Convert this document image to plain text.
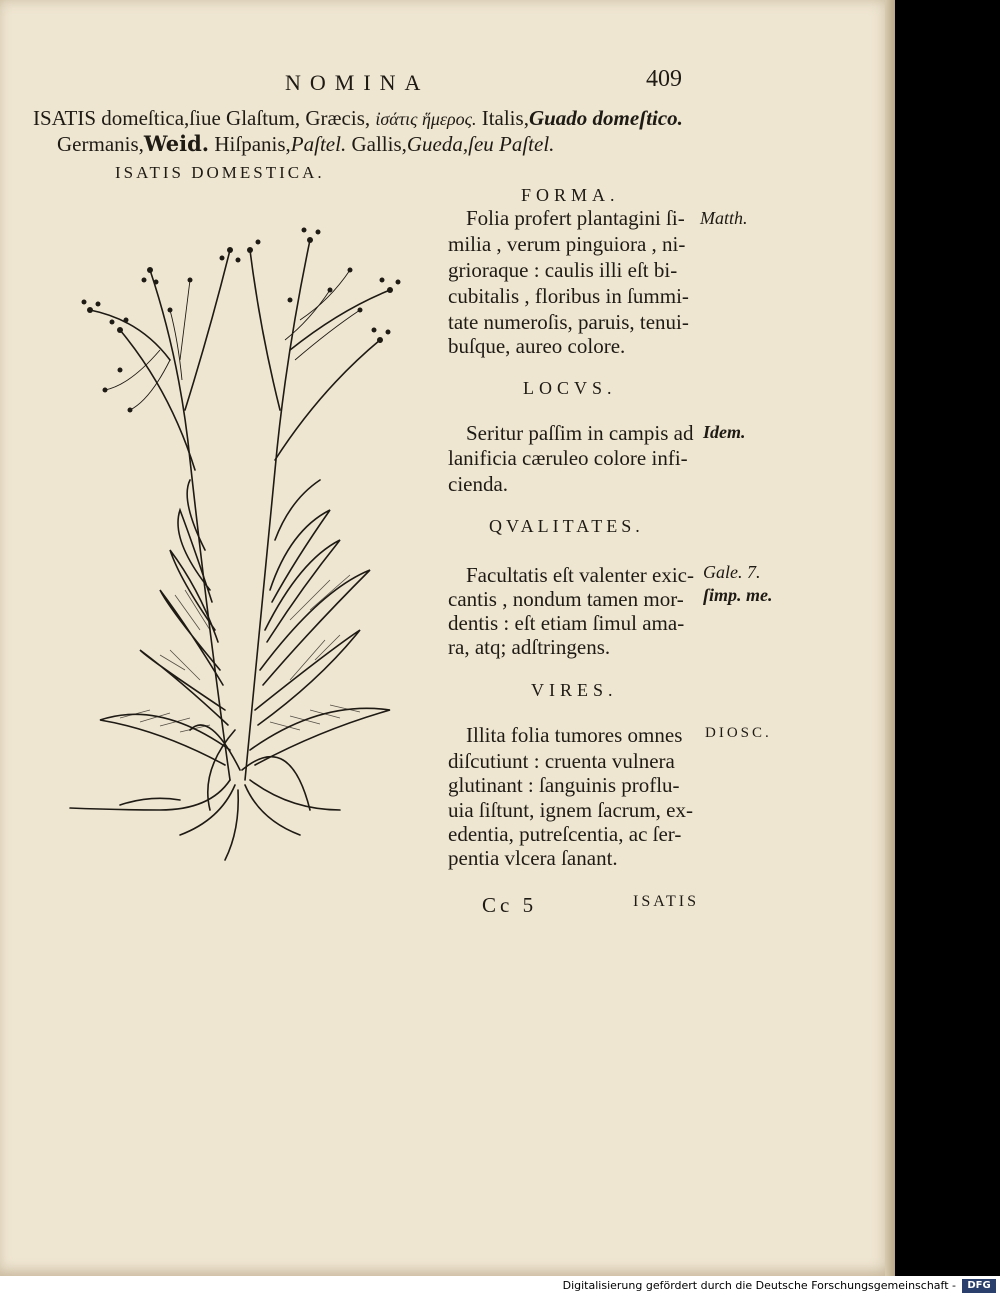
NOMINA	409
ISATIS domeſtica,ſiue Glaſtum, Græcis, ἰσάτις ἥμερος. Italis,Guado domeſtico.
Germanis,Weid. Hiſpanis,Paſtel. Gallis,Gueda,ſeu Paſtel.
ISATIS DOMESTICA.
FORMA.
Folia profert plantagini ſi-
milia , verum pinguiora , ni-
grioraque : caulis illi eſt bi-
cubitalis , floribus in ſummi-
tate numeroſis, paruis, tenui-
buſque, aureo colore.
Matth.
LOCVS.
Seritur paſſim in campis ad
lanificia cæruleo colore infi-
cienda.
Idem.
QVALITATES.
Facultatis eſt valenter exic-
cantis , nondum tamen mor-
dentis : eſt etiam ſimul ama-
ra, atq; adſtringens.
Gale. 7.
ſimp. me.
VIRES.
Illita folia tumores omnes
diſcutiunt : cruenta vulnera
glutinant : ſanguinis proflu-
uia ſiſtunt, ignem ſacrum, ex-
edentia, putreſcentia, ac ſer-
pentia vlcera ſanant.
DIOSC.
Cc 5	ISATIS
Digitalisierung gefördert durch die Deutsche Forschungsgemeinschaft -	DFG
